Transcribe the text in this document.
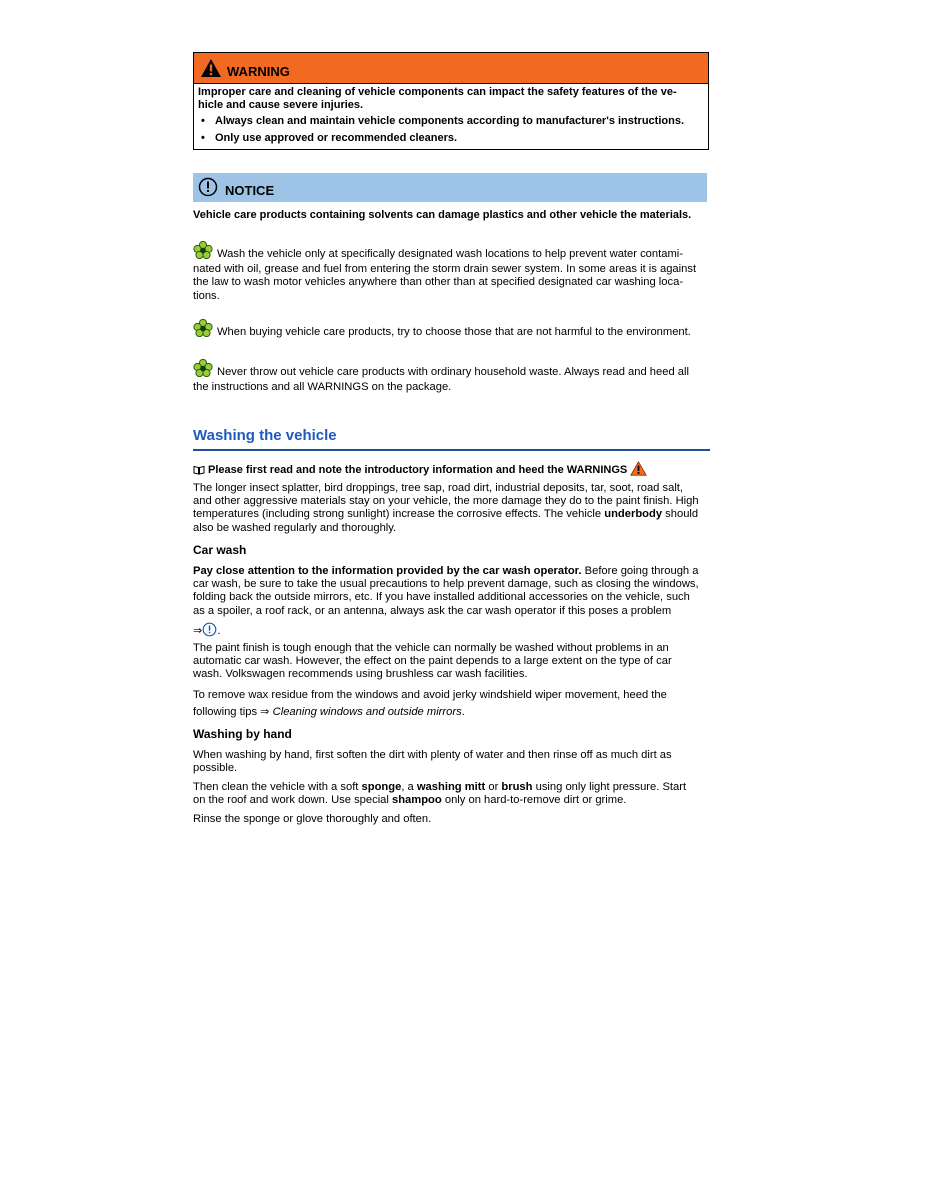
WARNING

Improper care and cleaning of vehicle components can impact the safety features of the ve-
hicle and cause severe injuries.

• Always clean and maintain vehicle components according to manufacturer's instructions.
• Only use approved or recommended cleaners.
NOTICE
Vehicle care products containing solvents can damage plastics and other vehicle the materials.
Wash the vehicle only at specifically designated wash locations to help prevent water contami-
nated with oil, grease and fuel from entering the storm drain sewer system. In some areas it is against
the law to wash motor vehicles anywhere than other than at specified designated car washing loca-
tions.
When buying vehicle care products, try to choose those that are not harmful to the environment.
Never throw out vehicle care products with ordinary household waste. Always read and heed all
the instructions and all WARNINGS on the package.
Washing the vehicle
Please first read and note the introductory information and heed the WARNINGS

The longer insect splatter, bird droppings, tree sap, road dirt, industrial deposits, tar, soot, road salt,
and other aggressive materials stay on your vehicle, the more damage they do to the paint finish. High
temperatures (including strong sunlight) increase the corrosive effects. The vehicle underbody should
also be washed regularly and thoroughly.

Car wash

Pay close attention to the information provided by the car wash operator. Before going through a
car wash, be sure to take the usual precautions to help prevent damage, such as closing the windows,
folding back the outside mirrors, etc. If you have installed additional accessories on the vehicle, such
as a spoiler, a roof rack, or an antenna, always ask the car wash operator if this poses a problem
⇒ .

The paint finish is tough enough that the vehicle can normally be washed without problems in an
automatic car wash. However, the effect on the paint depends to a large extent on the type of car
wash. Volkswagen recommends using brushless car wash facilities.

To remove wax residue from the windows and avoid jerky windshield wiper movement, heed the
following tips ⇒ Cleaning windows and outside mirrors.

Washing by hand

When washing by hand, first soften the dirt with plenty of water and then rinse off as much dirt as
possible.

Then clean the vehicle with a soft sponge, a washing mitt or brush using only light pressure. Start
on the roof and work down. Use special shampoo only on hard-to-remove dirt or grime.

Rinse the sponge or glove thoroughly and often.
